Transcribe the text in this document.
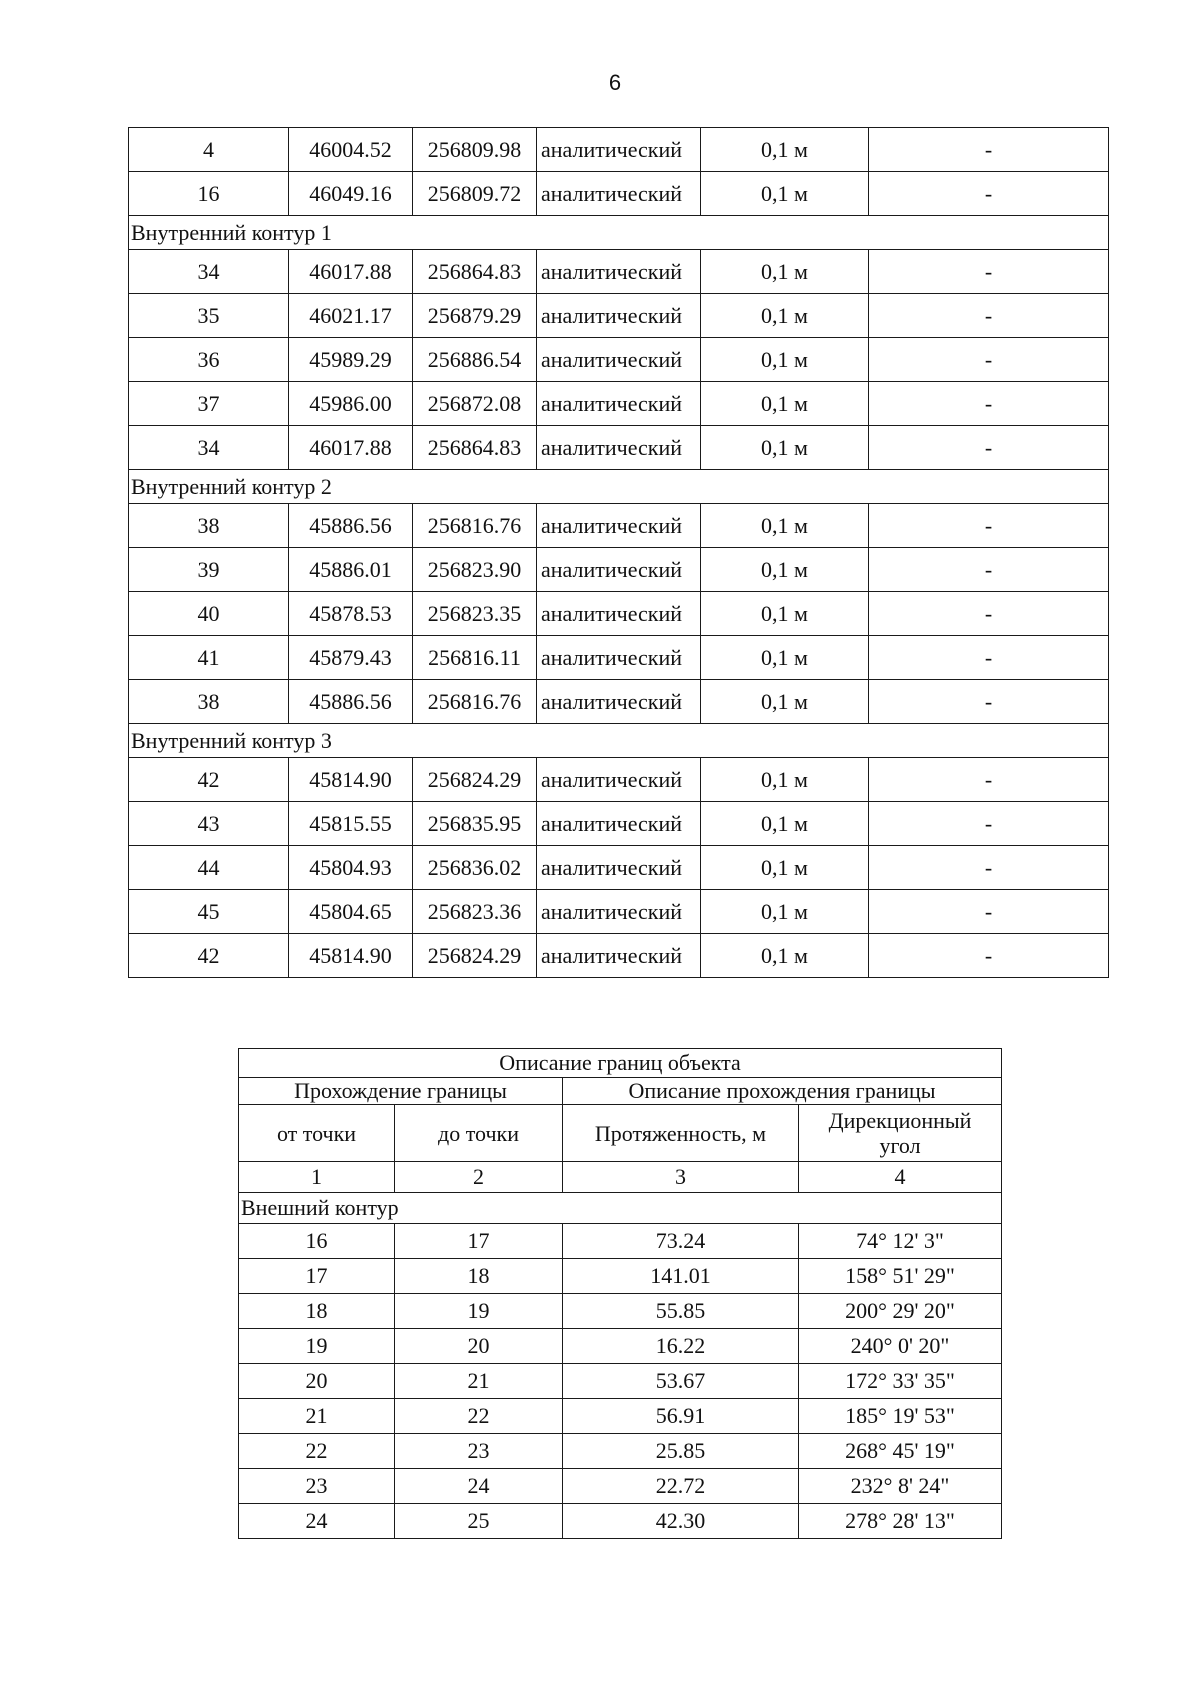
6
4	46004.52	256809.98	аналитический	0,1 м	-
16	46049.16	256809.72	аналитический	0,1 м	-
Внутренний контур 1					
34	46017.88	256864.83	аналитический	0,1 м	-
35	46021.17	256879.29	аналитический	0,1 м	-
36	45989.29	256886.54	аналитический	0,1 м	-
37	45986.00	256872.08	аналитический	0,1 м	-
34	46017.88	256864.83	аналитический	0,1 м	-
Внутренний контур 2					
38	45886.56	256816.76	аналитический	0,1 м	-
39	45886.01	256823.90	аналитический	0,1 м	-
40	45878.53	256823.35	аналитический	0,1 м	-
41	45879.43	256816.11	аналитический	0,1 м	-
38	45886.56	256816.76	аналитический	0,1 м	-
Внутренний контур 3					
42	45814.90	256824.29	аналитический	0,1 м	-
43	45815.55	256835.95	аналитический	0,1 м	-
44	45804.93	256836.02	аналитический	0,1 м	-
45	45804.65	256823.36	аналитический	0,1 м	-
42	45814.90	256824.29	аналитический	0,1 м	-
Описание границ объекта			
Прохождение границы		Описание прохождения границы	
от точки	до точки	Протяженность, м	Дирекционный
угол
1	2	3	4
Внешний контур			
16	17	73.24	74° 12' 3"
17	18	141.01	158° 51' 29"
18	19	55.85	200° 29' 20"
19	20	16.22	240° 0' 20"
20	21	53.67	172° 33' 35"
21	22	56.91	185° 19' 53"
22	23	25.85	268° 45' 19"
23	24	22.72	232° 8' 24"
24	25	42.30	278° 28' 13"
